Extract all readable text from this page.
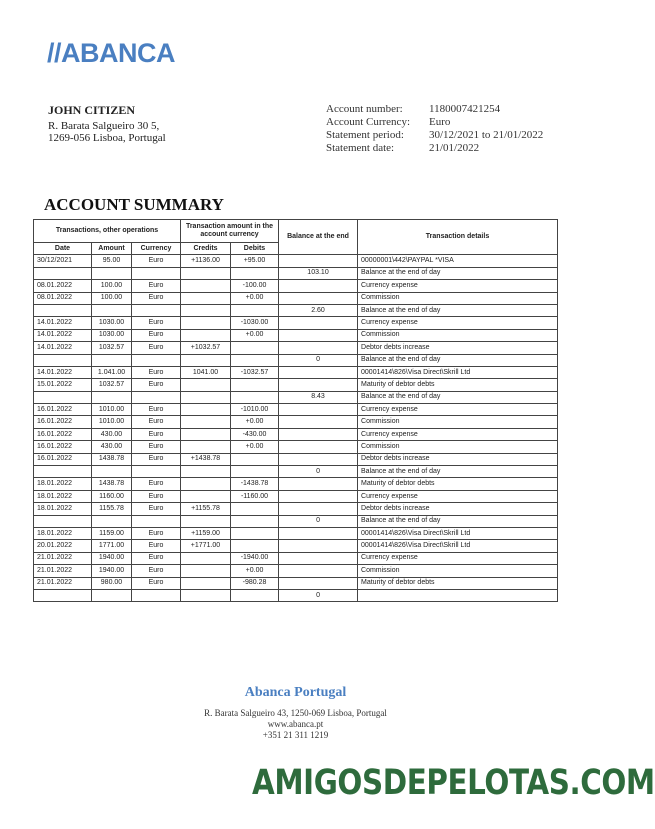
//ABANCA
JOHN CITIZEN
R. Barata Salgueiro 30 5,
1269-056 Lisboa, Portugal
Account number:	1180007421254
Account Currency:	Euro
Statement period:	30/12/2021 to 21/01/2022
Statement date:	21/01/2022
ACCOUNT SUMMARY
Transactions, other operations			Transaction amount in the account currency		Balance at the end	Transaction details
Date	Amount	Currency	Credits	Debits		
30/12/2021	95.00	Euro	+1136.00	+95.00		00000001\442\PAYPAL *VISA
					103.10	Balance at the end of day
08.01.2022	100.00	Euro		-100.00		Currency expense
08.01.2022	100.00	Euro		+0.00		Commission
					2.60	Balance at the end of day
14.01.2022	1030.00	Euro		-1030.00		Currency expense
14.01.2022	1030.00	Euro		+0.00		Commission
14.01.2022	1032.57	Euro	+1032.57			Debtor debts increase
					0	Balance at the end of day
14.01.2022	1.041.00	Euro	1041.00	-1032.57		00001414\826\Visa Direct\Skrill Ltd
15.01.2022	1032.57	Euro				Maturity of debtor debts
					8.43	Balance at the end of day
16.01.2022	1010.00	Euro		-1010.00		Currency expense
16.01.2022	1010.00	Euro		+0.00		Commission
16.01.2022	430.00	Euro		-430.00		Currency expense
16.01.2022	430.00	Euro		+0.00		Commission
16.01.2022	1438.78	Euro	+1438.78			Debtor debts increase
					0	Balance at the end of day
18.01.2022	1438.78	Euro		-1438.78		Maturity of debtor debts
18.01.2022	1160.00	Euro		-1160.00		Currency expense
18.01.2022	1155.78	Euro	+1155.78			Debtor debts increase
					0	Balance at the end of day
18.01.2022	1159.00	Euro	+1159.00			00001414\826\Visa Direct\Skrill Ltd
20.01.2022	1771.00	Euro	+1771.00			00001414\826\Visa Direct\Skrill Ltd
21.01.2022	1940.00	Euro		-1940.00		Currency expense
21.01.2022	1940.00	Euro		+0.00		Commission
21.01.2022	980.00	Euro		-980.28		Maturity of debtor debts
					0	
Abanca Portugal
R. Barata Salgueiro 43, 1250-069 Lisboa, Portugal
www.abanca.pt
+351 21 311 1219
AMIGOSDEPELOTAS.COM
